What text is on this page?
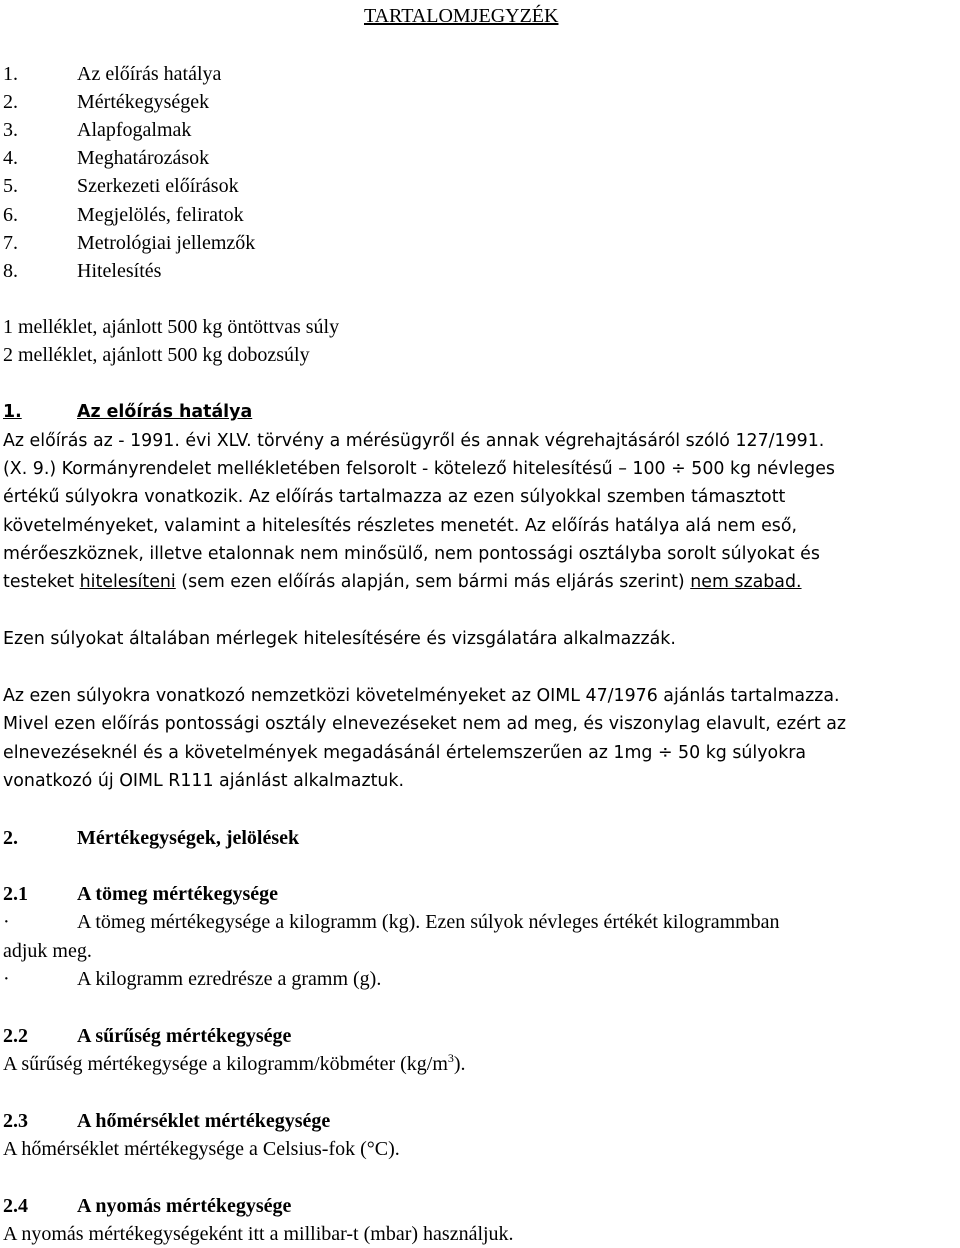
TARTALOMJEGYZÉK
1.	Az előírás hatálya
2.	Mértékegységek
3.	Alapfogalmak
4.	Meghatározások
5.	Szerkezeti előírások
6.	Megjelölés, feliratok
7.	Metrológiai jellemzők
8.	Hitelesítés
1 melléklet, ajánlott 500 kg öntöttvas súly
2 melléklet, ajánlott 500 kg dobozsúly
1.	Az előírás hatálya
Az előírás az - 1991. évi XLV. törvény a mérésügyről és annak végrehajtásáról szóló 127/1991.
(X. 9.) Kormányrendelet mellékletében felsorolt - kötelező hitelesítésű – 100 ÷ 500 kg névleges
értékű súlyokra vonatkozik. Az előírás tartalmazza az ezen súlyokkal szemben támasztott
követelményeket, valamint a hitelesítés részletes menetét. Az előírás hatálya alá nem eső,
mérőeszköznek, illetve etalonnak nem minősülő, nem pontossági osztályba sorolt súlyokat és
testeket hitelesíteni (sem ezen előírás alapján, sem bármi más eljárás szerint) nem szabad.
Ezen súlyokat általában mérlegek hitelesítésére és vizsgálatára alkalmazzák.
Az ezen súlyokra vonatkozó nemzetközi követelményeket az OIML 47/1976 ajánlás tartalmazza.
Mivel ezen előírás pontossági osztály elnevezéseket nem ad meg, és viszonylag elavult, ezért az
elnevezéseknél és a követelmények megadásánál értelemszerűen az 1mg ÷ 50 kg súlyokra
vonatkozó új OIML R111 ajánlást alkalmaztuk.
2.	Mértékegységek, jelölések
2.1 A tömeg mértékegysége
·	A tömeg mértékegysége a kilogramm (kg). Ezen súlyok névleges értékét kilogrammban
adjuk meg.
·	A kilogramm ezredrésze a gramm (g).
2.2 A sűrűség mértékegysége
A sűrűség mértékegysége a kilogramm/köbméter $(kg/m^3)$.
2.3 A hőmérséklet mértékegysége
A hőmérséklet mértékegysége a Celsius-fok (°C).
2.4 A nyomás mértékegysége
A nyomás mértékegységeként itt a millibar-t (mbar) használjuk.
